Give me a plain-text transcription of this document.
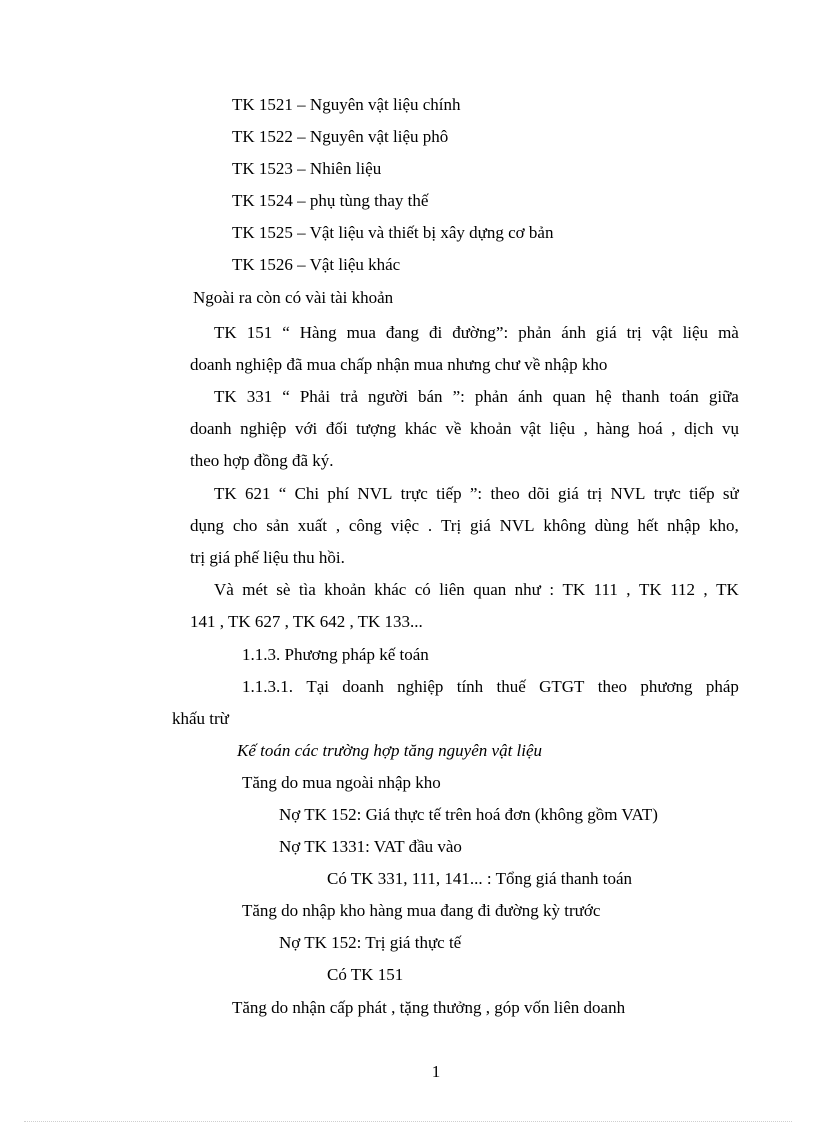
TK 1521 – Nguyên vật liệu chính
TK 1522 – Nguyên vật liệu phô
TK 1523 – Nhiên liệu
TK 1524 – phụ tùng thay thế
TK 1525 – Vật liệu và thiết bị xây dựng cơ bản
TK 1526 – Vật liệu khác
Ngoài ra còn có vài tài khoản
TK 151 “ Hàng mua đang đi đường”: phản ánh giá trị vật liệu mà
doanh nghiệp đã mua chấp nhận mua nhưng chư về nhập kho
TK 331 “ Phải trả người bán ”: phản ánh quan hệ thanh toán giữa
doanh nghiệp với đối tượng khác về khoản vật liệu , hàng hoá , dịch vụ
theo hợp đồng đã ký.
TK 621 “ Chi phí NVL trực tiếp ”: theo dõi giá trị NVL trực tiếp sử
dụng cho sản xuất , công việc . Trị giá NVL không dùng hết nhập kho,
trị giá phế liệu thu hồi.
Và mét sè tìa khoản khác có liên quan như : TK 111 , TK 112 , TK
141 , TK 627 , TK 642 , TK 133...
1.1.3. Phương pháp kế toán
1.1.3.1. Tại doanh nghiệp tính thuế GTGT theo phương pháp
khấu trừ
Kế toán các trường hợp tăng nguyên vật liệu
Tăng do mua ngoài nhập kho
Nợ TK 152: Giá thực tế trên hoá đơn (không gồm VAT)
Nợ TK 1331: VAT đầu vào
Có TK 331, 111, 141... : Tổng giá thanh toán
Tăng do nhập kho hàng mua đang đi đường kỳ trước
Nợ TK 152: Trị giá thực tế
Có TK 151
Tăng do nhận cấp phát , tặng thưởng , góp vốn liên doanh
1
